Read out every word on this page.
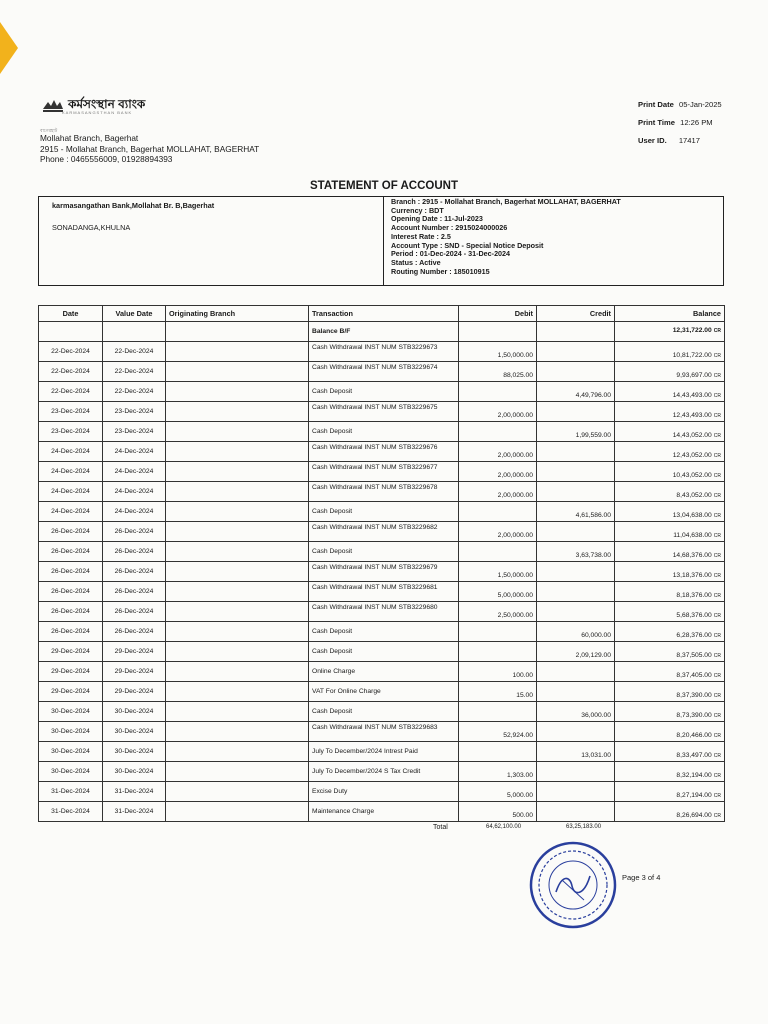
কর্মসংস্থান ব্যাংক
KARMASANGSTHAN BANK
বাগেরহাট
Mollahat Branch, Bagerhat
2915 - Mollahat Branch, Bagerhat MOLLAHAT, BAGERHAT
Phone : 0465556009, 01928894393
Print Date 05-Jan-2025
Print Time 12:26 PM
User ID. 17417
STATEMENT OF ACCOUNT
karmasangathan Bank,Mollahat Br. B,Bagerhat
SONADANGA,KHULNA
Branch : 2915 - Mollahat Branch, Bagerhat MOLLAHAT, BAGERHAT
Currency : BDT
Opening Date : 11-Jul-2023
Account Number : 2915024000026
Interest Rate : 2.5
Account Type : SND - Special Notice Deposit
Period : 01-Dec-2024 - 31-Dec-2024
Status : Active
Routing Number : 185010915
Date	Value Date	Originating Branch	Transaction	Debit	Credit	Balance
			Balance B/F			12,31,722.00 CR
22-Dec-2024	22-Dec-2024		Cash Withdrawal INST NUM STB3229673	1,50,000.00		10,81,722.00 CR
22-Dec-2024	22-Dec-2024		Cash Withdrawal INST NUM STB3229674	88,025.00		9,93,697.00 CR
22-Dec-2024	22-Dec-2024		Cash Deposit		4,49,796.00	14,43,493.00 CR
23-Dec-2024	23-Dec-2024		Cash Withdrawal INST NUM STB3229675	2,00,000.00		12,43,493.00 CR
23-Dec-2024	23-Dec-2024		Cash Deposit		1,99,559.00	14,43,052.00 CR
24-Dec-2024	24-Dec-2024		Cash Withdrawal INST NUM STB3229676	2,00,000.00		12,43,052.00 CR
24-Dec-2024	24-Dec-2024		Cash Withdrawal INST NUM STB3229677	2,00,000.00		10,43,052.00 CR
24-Dec-2024	24-Dec-2024		Cash Withdrawal INST NUM STB3229678	2,00,000.00		8,43,052.00 CR
24-Dec-2024	24-Dec-2024		Cash Deposit		4,61,586.00	13,04,638.00 CR
26-Dec-2024	26-Dec-2024		Cash Withdrawal INST NUM STB3229682	2,00,000.00		11,04,638.00 CR
26-Dec-2024	26-Dec-2024		Cash Deposit		3,63,738.00	14,68,376.00 CR
26-Dec-2024	26-Dec-2024		Cash Withdrawal INST NUM STB3229679	1,50,000.00		13,18,376.00 CR
26-Dec-2024	26-Dec-2024		Cash Withdrawal INST NUM STB3229681	5,00,000.00		8,18,376.00 CR
26-Dec-2024	26-Dec-2024		Cash Withdrawal INST NUM STB3229680	2,50,000.00		5,68,376.00 CR
26-Dec-2024	26-Dec-2024		Cash Deposit		60,000.00	6,28,376.00 CR
29-Dec-2024	29-Dec-2024		Cash Deposit		2,09,129.00	8,37,505.00 CR
29-Dec-2024	29-Dec-2024		Online Charge	100.00		8,37,405.00 CR
29-Dec-2024	29-Dec-2024		VAT For Online Charge	15.00		8,37,390.00 CR
30-Dec-2024	30-Dec-2024		Cash Deposit		36,000.00	8,73,390.00 CR
30-Dec-2024	30-Dec-2024		Cash Withdrawal INST NUM STB3229683	52,924.00		8,20,466.00 CR
30-Dec-2024	30-Dec-2024		July To December/2024 Intrest Paid		13,031.00	8,33,497.00 CR
30-Dec-2024	30-Dec-2024		July To December/2024 S Tax Credit	1,303.00		8,32,194.00 CR
31-Dec-2024	31-Dec-2024		Excise Duty	5,000.00		8,27,194.00 CR
31-Dec-2024	31-Dec-2024		Maintenance Charge	500.00		8,26,694.00 CR
Total	64,62,100.00	63,25,183.00
Page 3 of 4
